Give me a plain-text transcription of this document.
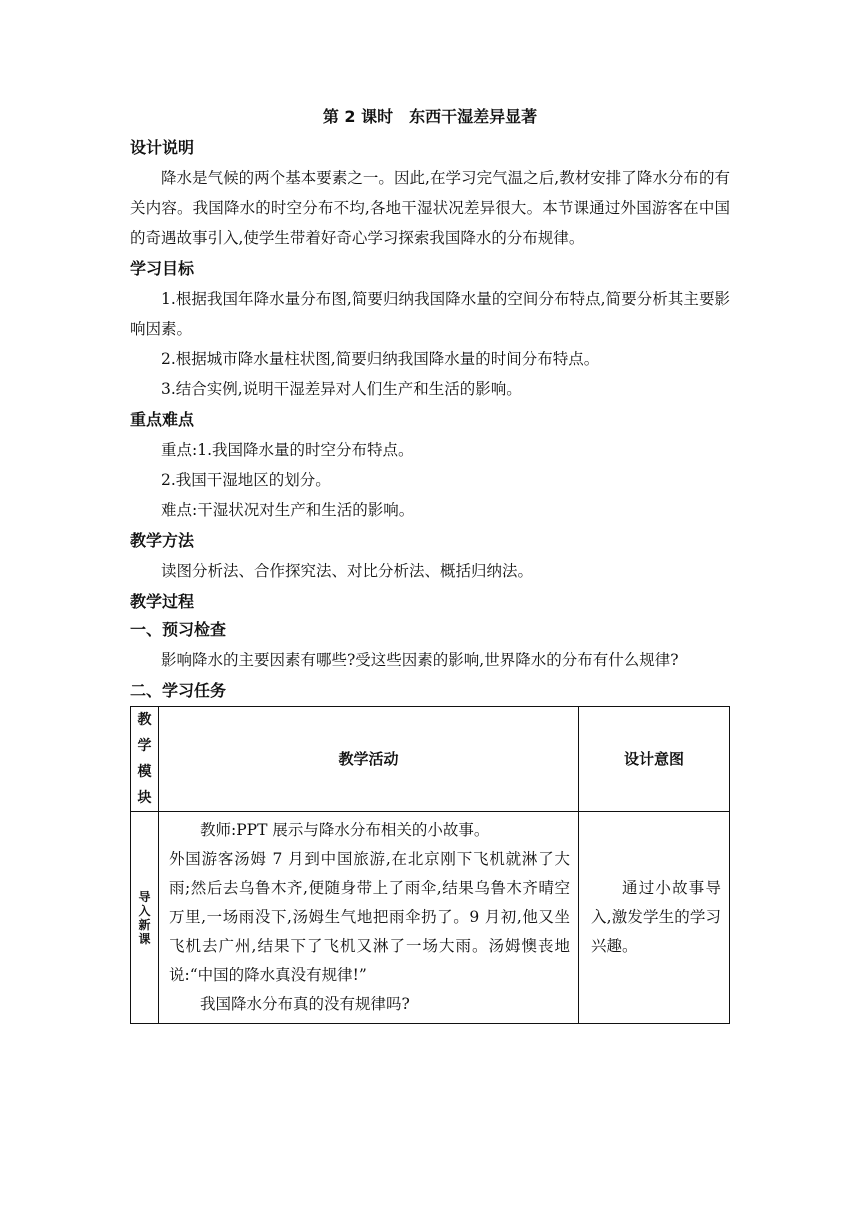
第 2 课时　东西干湿差异显著
设计说明

降水是气候的两个基本要素之一。因此,在学习完气温之后,教材安排了降水分布的有关内容。我国降水的时空分布不均,各地干湿状况差异很大。本节课通过外国游客在中国的奇遇故事引入,使学生带着好奇心学习探索我国降水的分布规律。

学习目标

1.根据我国年降水量分布图,简要归纳我国降水量的空间分布特点,简要分析其主要影响因素。

2.根据城市降水量柱状图,简要归纳我国降水量的时间分布特点。

3.结合实例,说明干湿差异对人们生产和生活的影响。

重点难点

重点:1.我国降水量的时空分布特点。

2.我国干湿地区的划分。

难点:干湿状况对生产和生活的影响。

教学方法

读图分析法、合作探究法、对比分析法、概括归纳法。

教学过程
一、预习检查

影响降水的主要因素有哪些?受这些因素的影响,世界降水的分布有什么规律?

二、学习任务
教学模块	教学活动	设计意图
导入新课	教师:PPT 展示与降水分布相关的小故事。

外国游客汤姆 7 月到中国旅游,在北京刚下飞机就淋了大雨;然后去乌鲁木齐,便随身带上了雨伞,结果乌鲁木齐晴空万里,一场雨没下,汤姆生气地把雨伞扔了。9 月初,他又坐飞机去广州,结果下了飞机又淋了一场大雨。汤姆懊丧地说:“中国的降水真没有规律!”

我国降水分布真的没有规律吗?	通过小故事导入,激发学生的学习兴趣。
